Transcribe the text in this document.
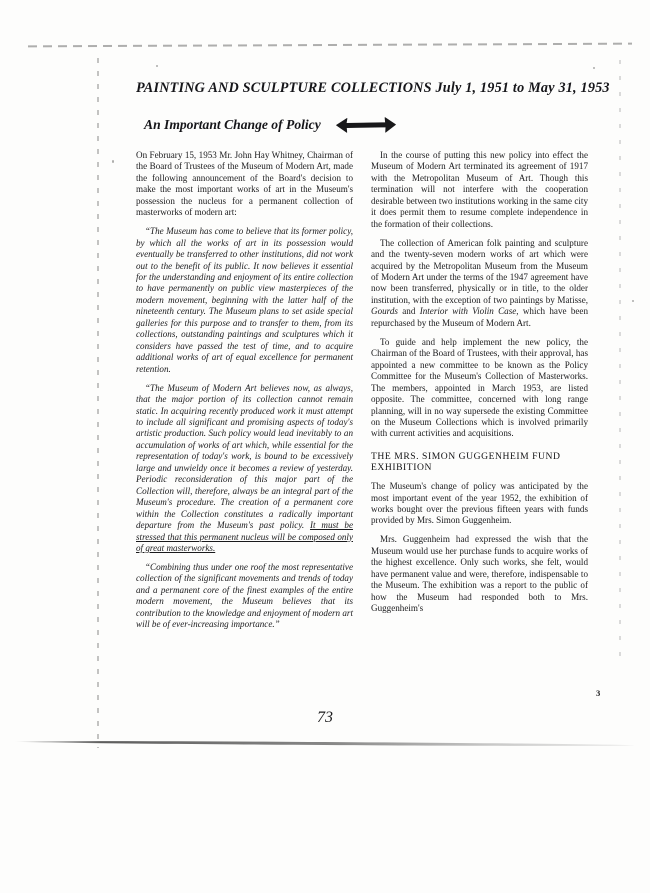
PAINTING AND SCULPTURE COLLECTIONS July 1, 1951 to May 31, 1953
An Important Change of Policy

On February 15, 1953 Mr. John Hay Whitney, Chairman of the Board of Trustees of the Museum of Modern Art, made the following announcement of the Board's decision to make the most important works of art in the Museum's possession the nucleus for a permanent collection of masterworks of modern art:

“The Museum has come to believe that its former policy, by which all the works of art in its possession would eventually be transferred to other institutions, did not work out to the benefit of its public. It now believes it essential for the understanding and enjoyment of its entire collection to have permanently on public view masterpieces of the modern movement, beginning with the latter half of the nineteenth century. The Museum plans to set aside special galleries for this purpose and to transfer to them, from its collections, outstanding paintings and sculptures which it considers have passed the test of time, and to acquire additional works of art of equal excellence for permanent retention.

“The Museum of Modern Art believes now, as always, that the major portion of its collection cannot remain static. In acquiring recently produced work it must attempt to include all significant and promising aspects of today's artistic production. Such policy would lead inevitably to an accumulation of works of art which, while essential for the representation of today's work, is bound to be excessively large and unwieldy once it becomes a review of yesterday. Periodic reconsideration of this major part of the Collection will, therefore, always be an integral part of the Museum's procedure. The creation of a permanent core within the Collection constitutes a radically important departure from the Museum's past policy. It must be stressed that this permanent nucleus will be composed only of great masterworks.

“Combining thus under one roof the most representative collection of the significant movements and trends of today and a permanent core of the finest examples of the entire modern movement, the Museum believes that its contribution to the knowledge and enjoyment of modern art will be of ever-increasing importance.”

In the course of putting this new policy into effect the Museum of Modern Art terminated its agreement of 1917 with the Metropolitan Museum of Art. Though this termination will not interfere with the cooperation desirable between two institutions working in the same city it does permit them to resume complete independence in the formation of their collections.

The collection of American folk painting and sculpture and the twenty-seven modern works of art which were acquired by the Metropolitan Museum from the Museum of Modern Art under the terms of the 1947 agreement have now been transferred, physically or in title, to the older institution, with the exception of two paintings by Matisse, Gourds and Interior with Violin Case, which have been repurchased by the Museum of Modern Art.

To guide and help implement the new policy, the Chairman of the Board of Trustees, with their approval, has appointed a new committee to be known as the Policy Committee for the Museum's Collection of Masterworks. The members, appointed in March 1953, are listed opposite. The committee, concerned with long range planning, will in no way supersede the existing Committee on the Museum Collections which is involved primarily with current activities and acquisitions.

THE MRS. SIMON GUGGENHEIM FUND EXHIBITION

The Museum's change of policy was anticipated by the most important event of the year 1952, the exhibition of works bought over the previous fifteen years with funds provided by Mrs. Simon Guggenheim.

Mrs. Guggenheim had expressed the wish that the Museum would use her purchase funds to acquire works of the highest excellence. Only such works, she felt, would have permanent value and were, therefore, indispensable to the Museum. The exhibition was a report to the public of how the Museum had responded both to Mrs. Guggenheim's

3
73
